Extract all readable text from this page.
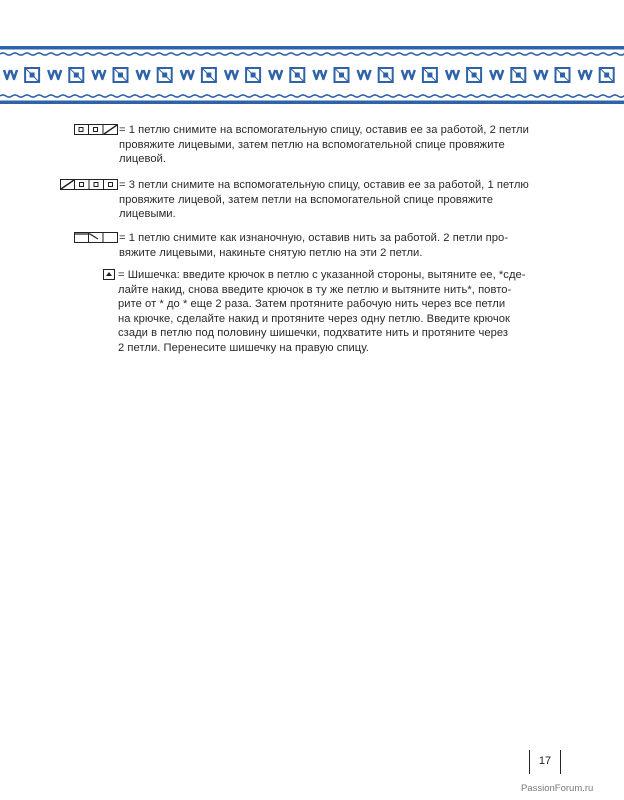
= 1 петлю снимите на вспомогательную спицу, оставив ее за работой, 2 петли
провяжите лицевыми, затем петлю на вспомогательной спице провяжите
лицевой.
= 3 петли снимите на вспомогательную спицу, оставив ее за работой, 1 петлю
провяжите лицевой, затем петли на вспомогательной спице провяжите
лицевыми.
= 1 петлю снимите как изнаночную, оставив нить за работой. 2 петли про-
вяжите лицевыми, накиньте снятую петлю на эти 2 петли.
= Шишечка: введите крючок в петлю с указанной стороны, вытяните ее, *сде-
лайте накид, снова введите крючок в ту же петлю и вытяните нить*, повто-
рите от * до * еще 2 раза. Затем протяните рабочую нить через все петли
на крючке, сделайте накид и протяните через одну петлю. Введите крючок
сзади в петлю под половину шишечки, подхватите нить и протяните через
2 петли. Перенесите шишечку на правую спицу.
17
PassionForum.ru
